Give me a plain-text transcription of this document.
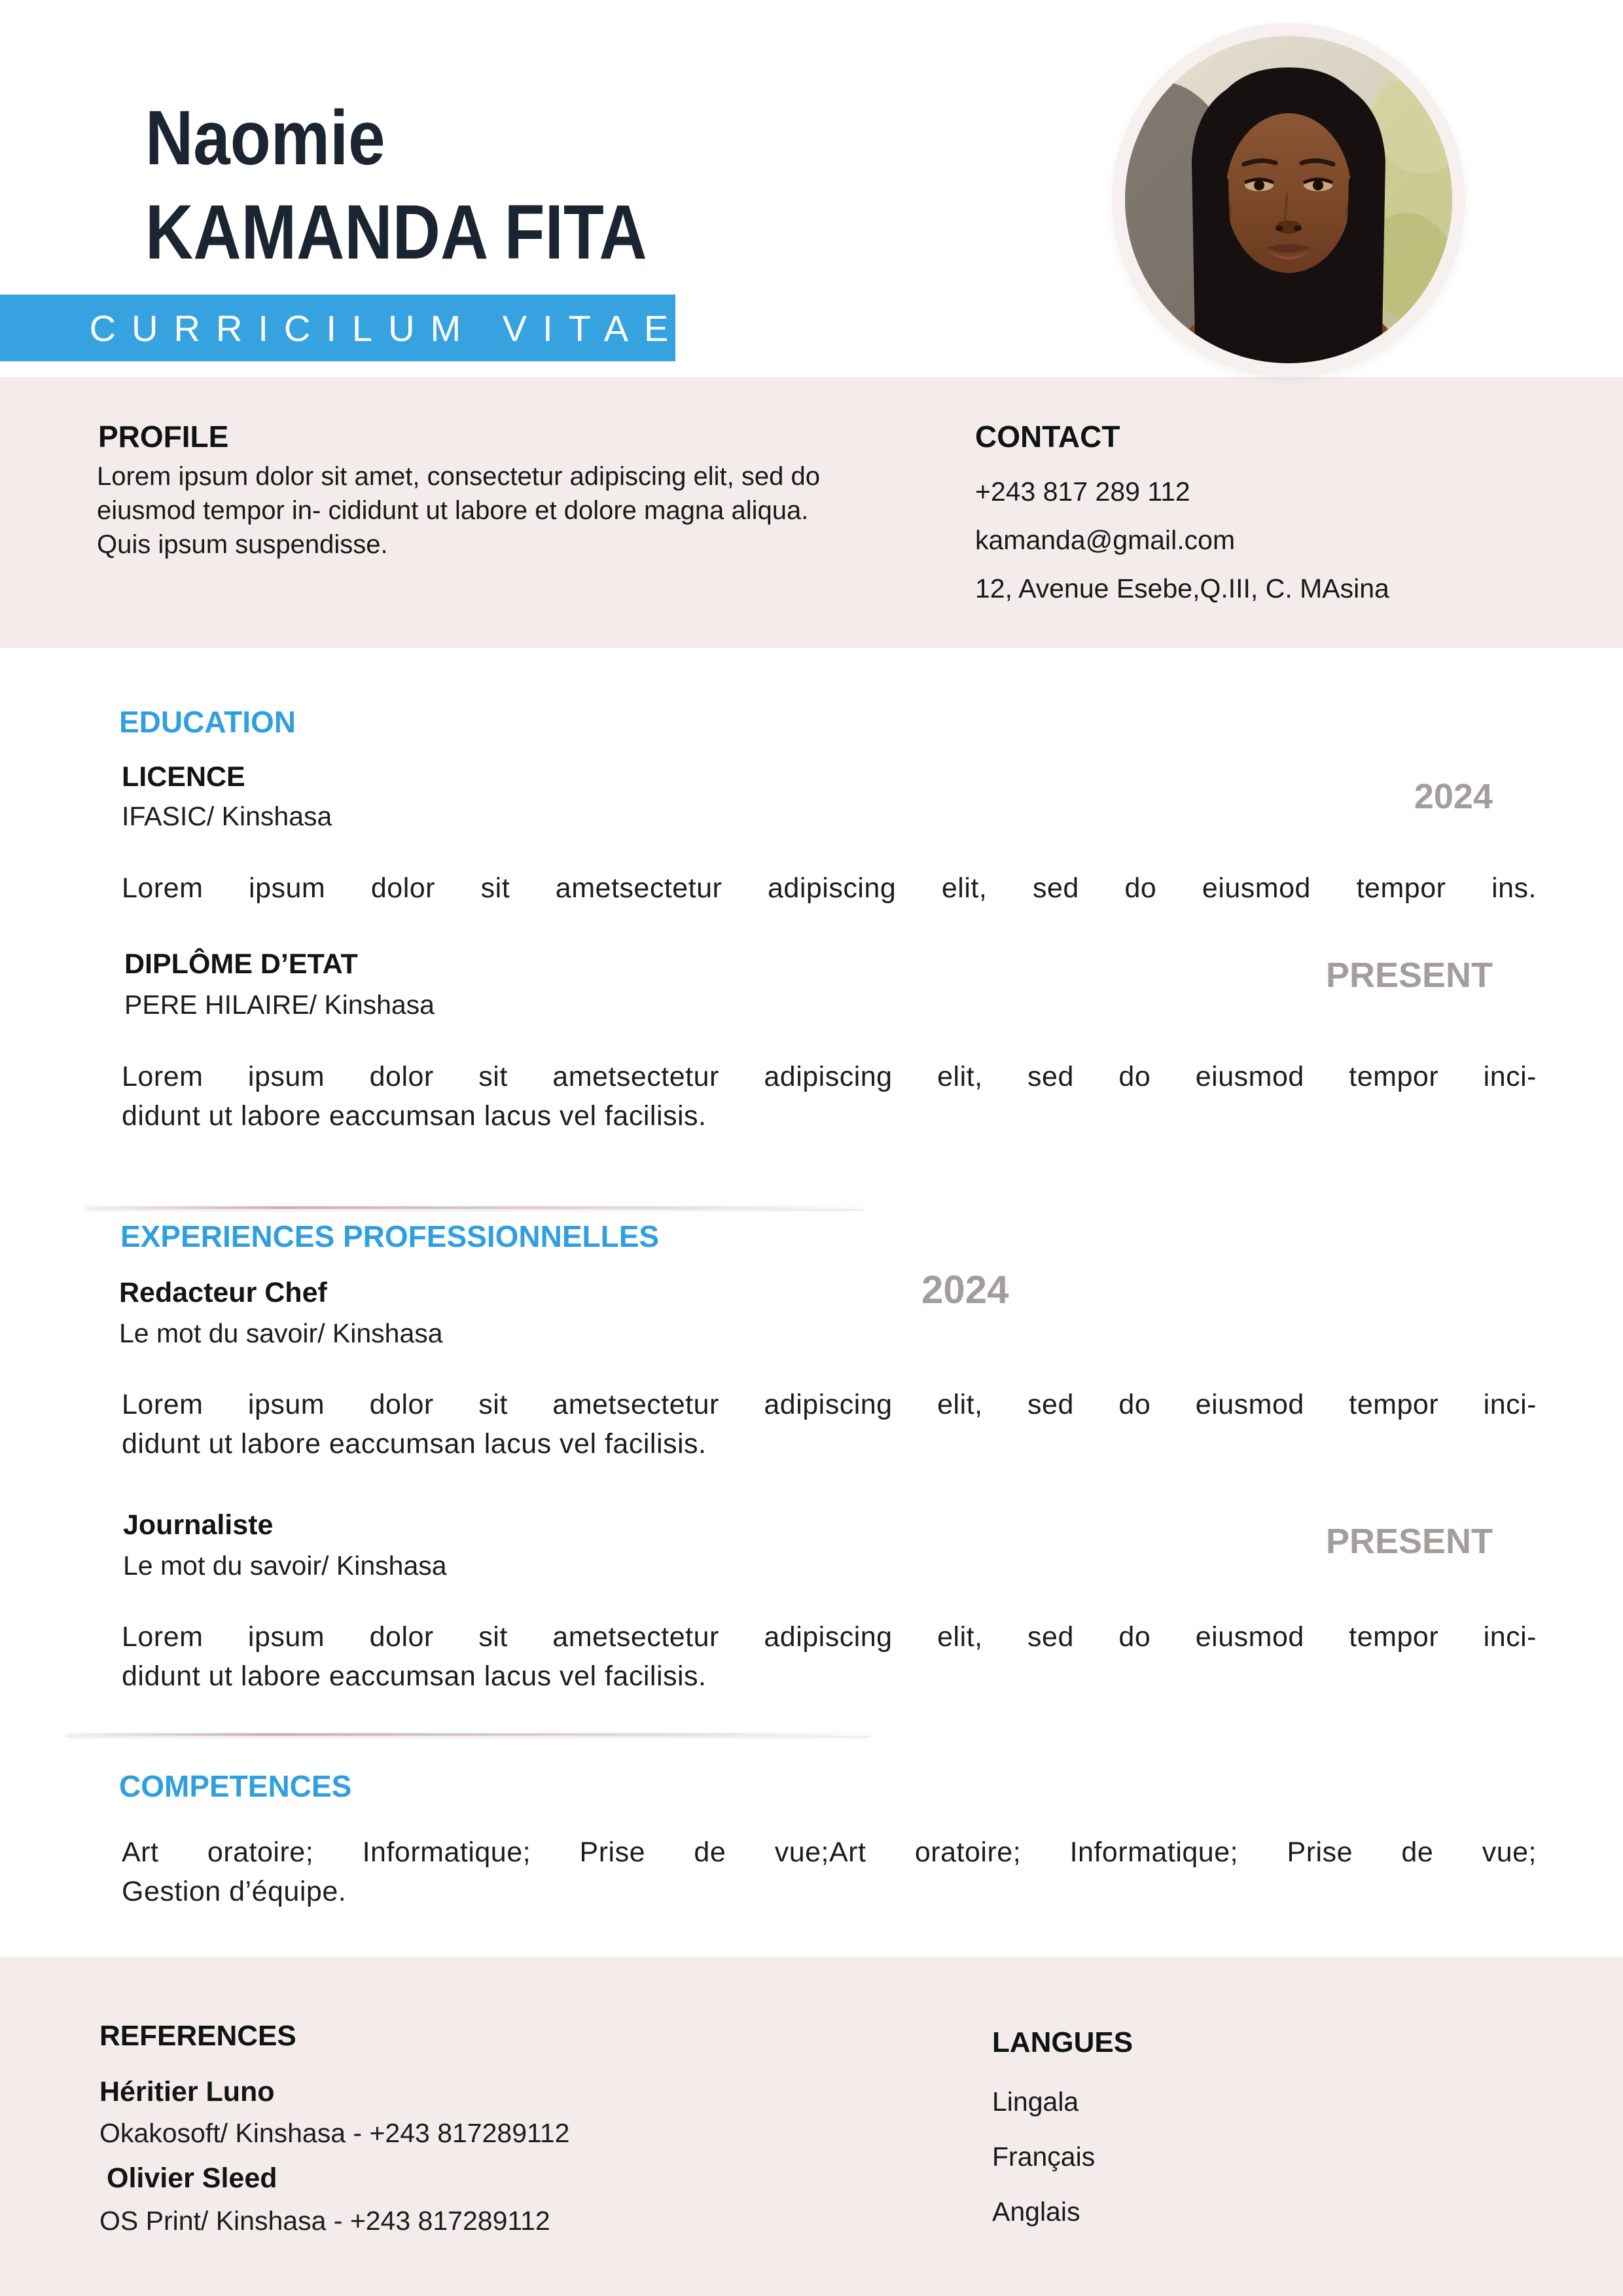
Naomie
KAMANDA FITA
CURRICILUM VITAE
PROFILE
Lorem ipsum dolor sit amet, consectetur adipiscing elit, sed do eiusmod tempor in- cididunt ut labore et dolore magna aliqua. Quis ipsum suspendisse.
CONTACT
+243 817 289 112
kamanda@gmail.com
12, Avenue Esebe,Q.III, C. MAsina
EDUCATION
LICENCE	2024
IFASIC/ Kinshasa
Lorem ipsum dolor sit ametsectetur adipiscing elit, sed do eiusmod tempor ins.
DIPLÔME D’ETAT	PRESENT
PERE HILAIRE/ Kinshasa
Lorem ipsum dolor sit ametsectetur adipiscing elit, sed do eiusmod tempor inci-
didunt ut labore eaccumsan lacus vel facilisis.
EXPERIENCES PROFESSIONNELLES
Redacteur Chef	2024
Le mot du savoir/ Kinshasa
Lorem ipsum dolor sit ametsectetur adipiscing elit, sed do eiusmod tempor inci-
didunt ut labore eaccumsan lacus vel facilisis.
Journaliste	PRESENT
Le mot du savoir/ Kinshasa
Lorem ipsum dolor sit ametsectetur adipiscing elit, sed do eiusmod tempor inci-
didunt ut labore eaccumsan lacus vel facilisis.
COMPETENCES
Art oratoire; Informatique; Prise de vue;Art oratoire; Informatique; Prise de vue;
Gestion d’équipe.
REFERENCES
Héritier Luno
Okakosoft/ Kinshasa - +243 817289112
Olivier Sleed
OS Print/ Kinshasa - +243 817289112
LANGUES
Lingala
Français
Anglais
